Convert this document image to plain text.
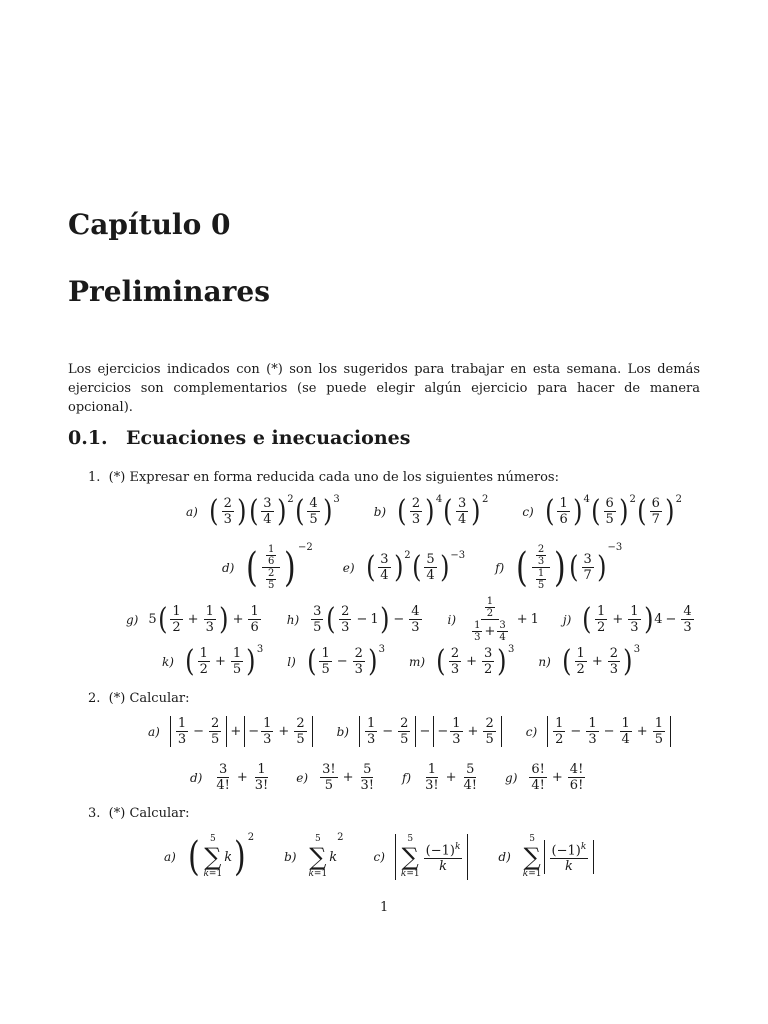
Capítulo 0
Preliminares

Los ejercicios indicados con (*) son los sugeridos para trabajar en esta semana. Los demás ejercicios son complementarios (se puede elegir algún ejercicio para hacer de manera opcional).

0.1. Ecuaciones e inecuaciones

1. (*) Expresar en forma reducida cada uno de los siguientes números:

a) ( 2
3 ) ( 3
4 ) 2 ( 4
5 ) 3
b) ( 2
3 ) 4 ( 3
4 ) 2
c) ( 1
6 ) 4 ( 6
5 ) 2 ( 6
7 ) 2
d) ( $\frac{1}{6}$
$\frac{2}{5}$ ) −2
e) ( 3
4 ) 2 ( 5
4 ) −3
f) ( $\frac{2}{3}$
$\frac{1}{5}$ ) ( 3
7 )
−3
g) 5 ( 1
2
+ $\frac{1}{3}$ ) + $\frac{1}{6} h$)
3
5 ( 2
3
− 1 ) − $\frac{4}{3} i$)
$\frac{1}{2}$
$\frac{1}{3} + \frac{3}{4}$
+ 1 j) ( 1
2
+ $\frac{1}{3}$ ) $4 - \frac{4}{3}$
k) ( 1
2
+ $\frac{1}{5}$ ) 3
l) ( 1
5
− $\frac{2}{3}$ ) 3
m) ( 2
3
+ $\frac{3}{2}$ ) 3
n) ( 1
2
+ $\frac{2}{3}$ ) 3

2. (*) Calcular:

a)
1
3
− $\frac{2}{5}$ + −
1
3
+ $\frac{2}{5}$	b)
1
3
− $\frac{2}{5}$ − −
1
3
+ $\frac{2}{5}$	c)
1
2
− $\frac{1}{3} - \frac{1}{4} + \frac{1}{5}$
d)
3
4!
+ $\frac{1}{3!} e$)
3!
5
+ $\frac{5}{3!} f$)
1
3!
+ $\frac{5}{4!} g$)
6!
4!
+ $\frac{4!}{6!}$

3. (*) Calcular:

a) ( 5
∑
k=1
k ) 2
b)
5
∑
k=1
k
2
c)
5
∑
k=1
$(-1)^k$
k
d)
5
∑
k=1
$(-1)^k$
k
1
